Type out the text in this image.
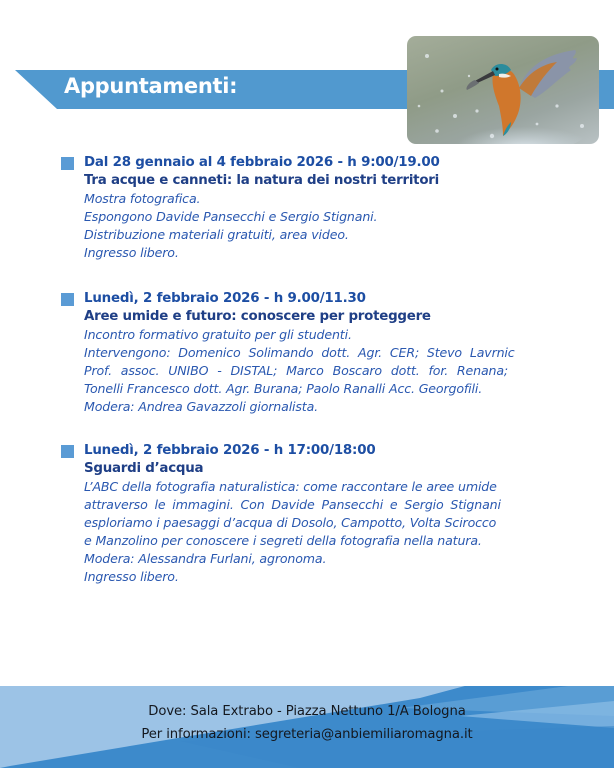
Appuntamenti:
Dal 28 gennaio al 4 febbraio 2026 - h 9:00/19.00
Tra acque e canneti: la natura dei nostri territori
Mostra fotografica.
Espongono Davide Pansecchi e Sergio Stignani.
Distribuzione materiali gratuiti, area video.
Ingresso libero.
Lunedì, 2 febbraio 2026 - h 9.00/11.30
Aree umide e futuro: conoscere per proteggere
Incontro formativo gratuito per gli studenti.
Intervengono: Domenico Solimando dott. Agr. CER; Stevo Lavrnic
Prof. assoc. UNIBO - DISTAL; Marco Boscaro dott. for. Renana;
Tonelli Francesco dott. Agr. Burana; Paolo Ranalli Acc. Georgofili.
Modera: Andrea Gavazzoli giornalista.
Lunedì, 2 febbraio 2026 - h 17:00/18:00
Sguardi d’acqua
L’ABC della fotografia naturalistica: come raccontare le aree umide
attraverso le immagini. Con Davide Pansecchi e Sergio Stignani
esploriamo i paesaggi d’acqua di Dosolo, Campotto, Volta Scirocco
e Manzolino per conoscere i segreti della fotografia nella natura.
Modera: Alessandra Furlani, agronoma.
Ingresso libero.
Dove: Sala Extrabo - Piazza Nettuno 1/A Bologna
Per informazioni: segreteria@anbiemiliaromagna.it
